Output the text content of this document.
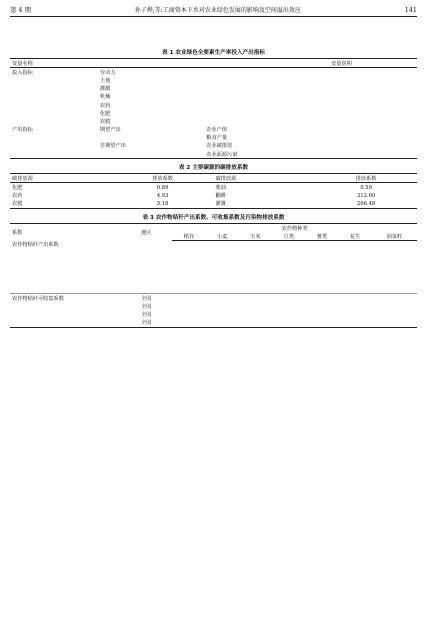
第 4 期	孙子烨,等:工商资本下乡对农业绿色发展的影响及空间溢出效应	141
表 1 农业绿色全要素生产率投入产出指标
变量名称			变量说明
投入指标	劳动力		
	土地		
	灌溉		
	机械		
	农药		
	化肥		
	农膜		
产出指标	期望产出	农业产值	
		粮食产量	
	非期望产出	农业碳排放	
		农业面源污染	
表 2 主要碳源的碳排放系数
碳排放源	排放系数	碳排放源	排放系数
化肥	0.89	柴油	0.59
农药	4.93	翻耕	312.60
农膜	5.18	灌溉	266.48
表 3 农作物秸秆产出系数、可收集系数及污染物排放系数
系数	地区	农作物种类						
		稻谷	小麦	玉米	豆类	薯类	花生	油菜籽
农作物秸秆产出系数								

农作物秸秆可收集系数	全国							
	全国							
	全国							
	全国							
